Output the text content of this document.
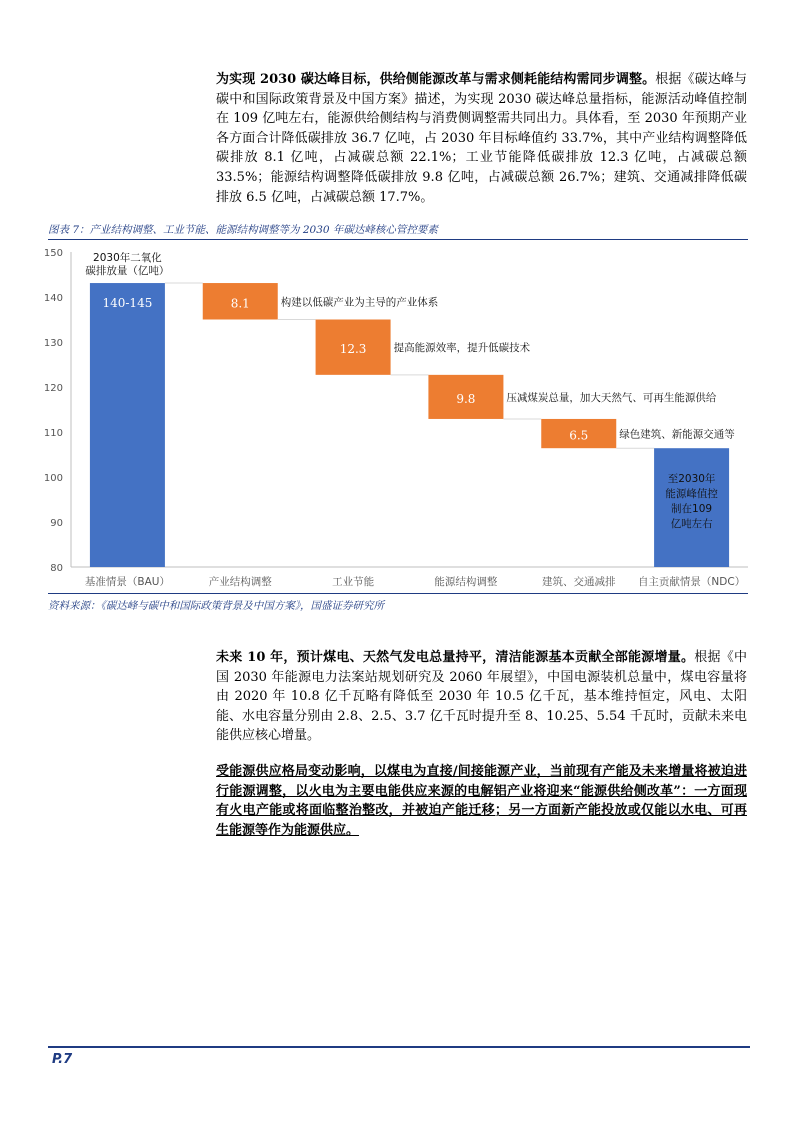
为实现 2030 碳达峰目标，供给侧能源改革与需求侧耗能结构需同步调整。根据《碳达峰与碳中和国际政策背景及中国方案》描述，为实现 2030 碳达峰总量指标，能源活动峰值控制在 109 亿吨左右，能源供给侧结构与消费侧调整需共同出力。具体看，至 2030 年预期产业各方面合计降低碳排放 36.7 亿吨，占 2030 年目标峰值约 33.7%，其中产业结构调整降低碳排放 8.1 亿吨，占减碳总额 22.1%；工业节能降低碳排放 12.3 亿吨，占减碳总额 33.5%；能源结构调整降低碳排放 9.8 亿吨，占减碳总额 26.7%；建筑、交通减排降低碳排放 6.5 亿吨，占减碳总额 17.7%。
图表 7：产业结构调整、工业节能、能源结构调整等为 2030 年碳达峰核心管控要素
80
90
100
110
120
130
140
150
基准情景（BAU）
140-145
产业结构调整
8.1	构建以低碳产业为主导的产业体系
工业节能
12.3	提高能源效率，提升低碳技术
能源结构调整
9.8	压减煤炭总量，加大天然气、可再生能源供给
建筑、交通减排
6.5	绿色建筑、新能源交通等
自主贡献情景（NDC）
2030年二氧化
碳排放量（亿吨）
至2030年
能源峰值控
制在109
亿吨左右
资料来源：《碳达峰与碳中和国际政策背景及中国方案》，国盛证券研究所
未来 10 年，预计煤电、天然气发电总量持平，清洁能源基本贡献全部能源增量。根据《中国 2030 年能源电力法案站规划研究及 2060 年展望》，中国电源装机总量中，煤电容量将由 2020 年 10.8 亿千瓦略有降低至 2030 年 10.5 亿千瓦，基本维持恒定，风电、太阳能、水电容量分别由 2.8、2.5、3.7 亿千瓦时提升至 8、10.25、5.54 千瓦时，贡献未来电能供应核心增量。
受能源供应格局变动影响，以煤电为直接/间接能源产业，当前现有产能及未来增量将被迫进行能源调整，以火电为主要电能供应来源的电解铝产业将迎来“能源供给侧改革”：一方面现有火电产能或将面临整治整改，并被迫产能迁移；另一方面新产能投放或仅能以水电、可再生能源等作为能源供应。
P.7
